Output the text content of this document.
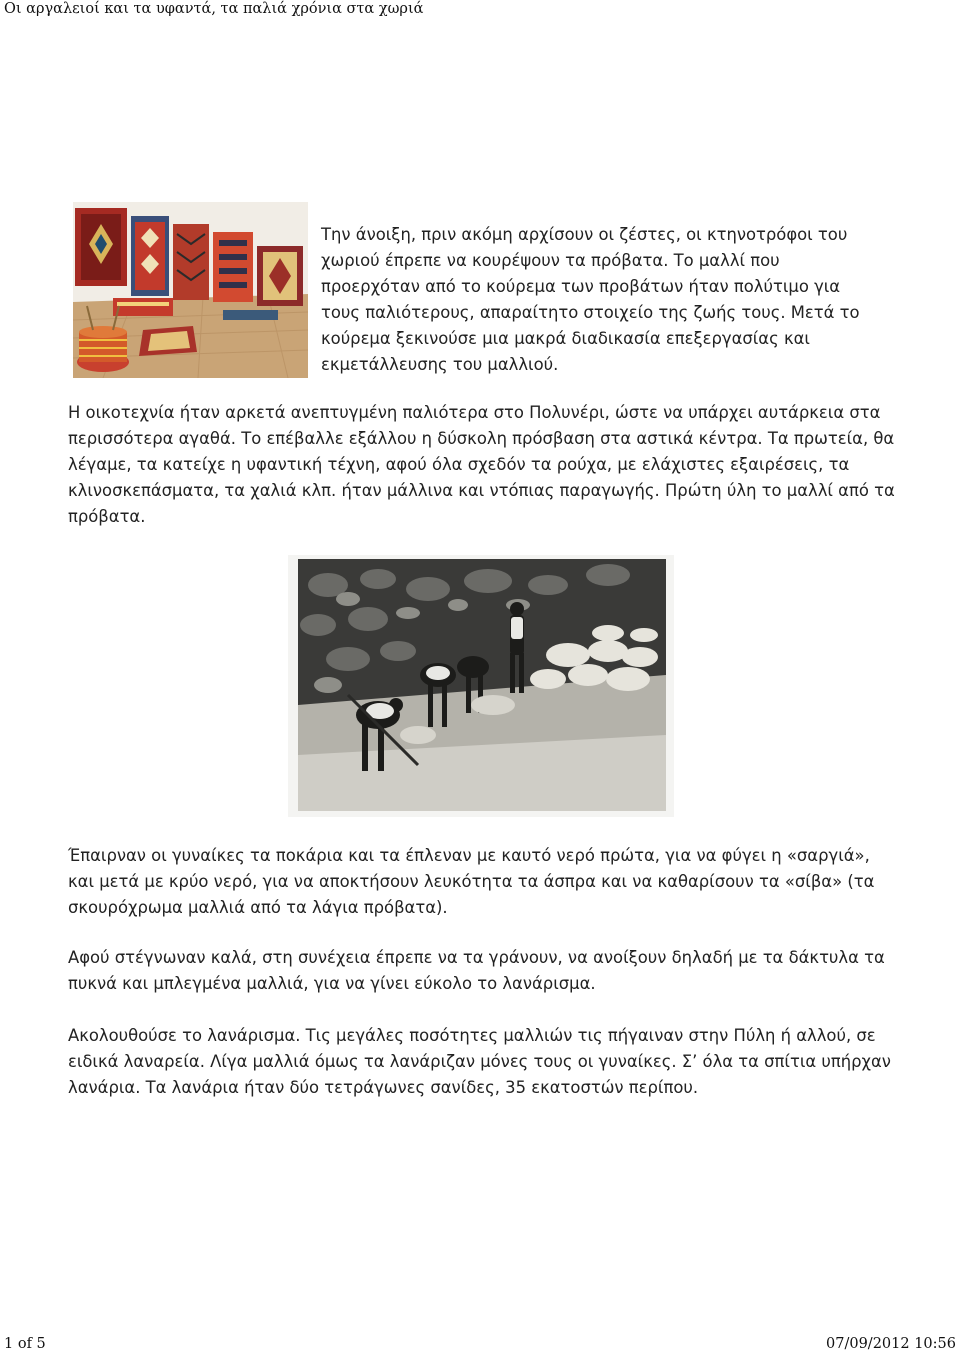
Οι αργαλειοί και τα υφαντά, τα παλιά χρόνια στα χωριά

Την άνοιξη, πριν ακόμη αρχίσουν οι ζέστες, οι κτηνοτρόφοι του χωριού έπρεπε να κουρέψουν τα πρόβατα. Το μαλλί που προερχόταν από το κούρεμα των προβάτων ήταν πολύτιμο για τους παλιότερους, απαραίτητο στοιχείο της ζωής τους. Μετά το κούρεμα ξεκινούσε μια μακρά διαδικασία επεξεργασίας και εκμετάλλευσης του μαλλιού.

Η οικοτεχνία ήταν αρκετά ανεπτυγμένη παλιότερα στο Πολυνέρι, ώστε να υπάρχει αυτάρκεια στα περισσότερα αγαθά. Το επέβαλλε εξάλλου η δύσκολη πρόσβαση στα αστικά κέντρα. Τα πρωτεία, θα λέγαμε, τα κατείχε η υφαντική τέχνη, αφού όλα σχεδόν τα ρούχα, με ελάχιστες εξαιρέσεις, τα κλινοσκεπάσματα, τα χαλιά κλπ. ήταν μάλλινα και ντόπιας παραγωγής. Πρώτη ύλη το μαλλί από τα πρόβατα.

Έπαιρναν οι γυναίκες τα ποκάρια και τα έπλεναν με καυτό νερό πρώτα, για να φύγει η «σαργιά», και μετά με κρύο νερό, για να αποκτήσουν λευκότητα τα άσπρα και να καθαρίσουν τα «σίβα» (τα σκουρόχρωμα μαλλιά από τα λάγια πρόβατα).

Αφού στέγνωναν καλά, στη συνέχεια έπρεπε να τα γράνουν, να ανοίξουν δηλαδή με τα δάκτυλα τα πυκνά και μπλεγμένα μαλλιά, για να γίνει εύκολο το λανάρισμα.

Ακολουθούσε το λανάρισμα. Τις μεγάλες ποσότητες μαλλιών τις πήγαιναν στην Πύλη ή αλλού, σε ειδικά λαναρεία. Λίγα μαλλιά όμως τα λανάριζαν μόνες τους οι γυναίκες. Σ’ όλα τα σπίτια υπήρχαν λανάρια. Τα λανάρια ήταν δύο τετράγωνες σανίδες, 35 εκατοστών περίπου.

1 of 5	07/09/2012 10:56
